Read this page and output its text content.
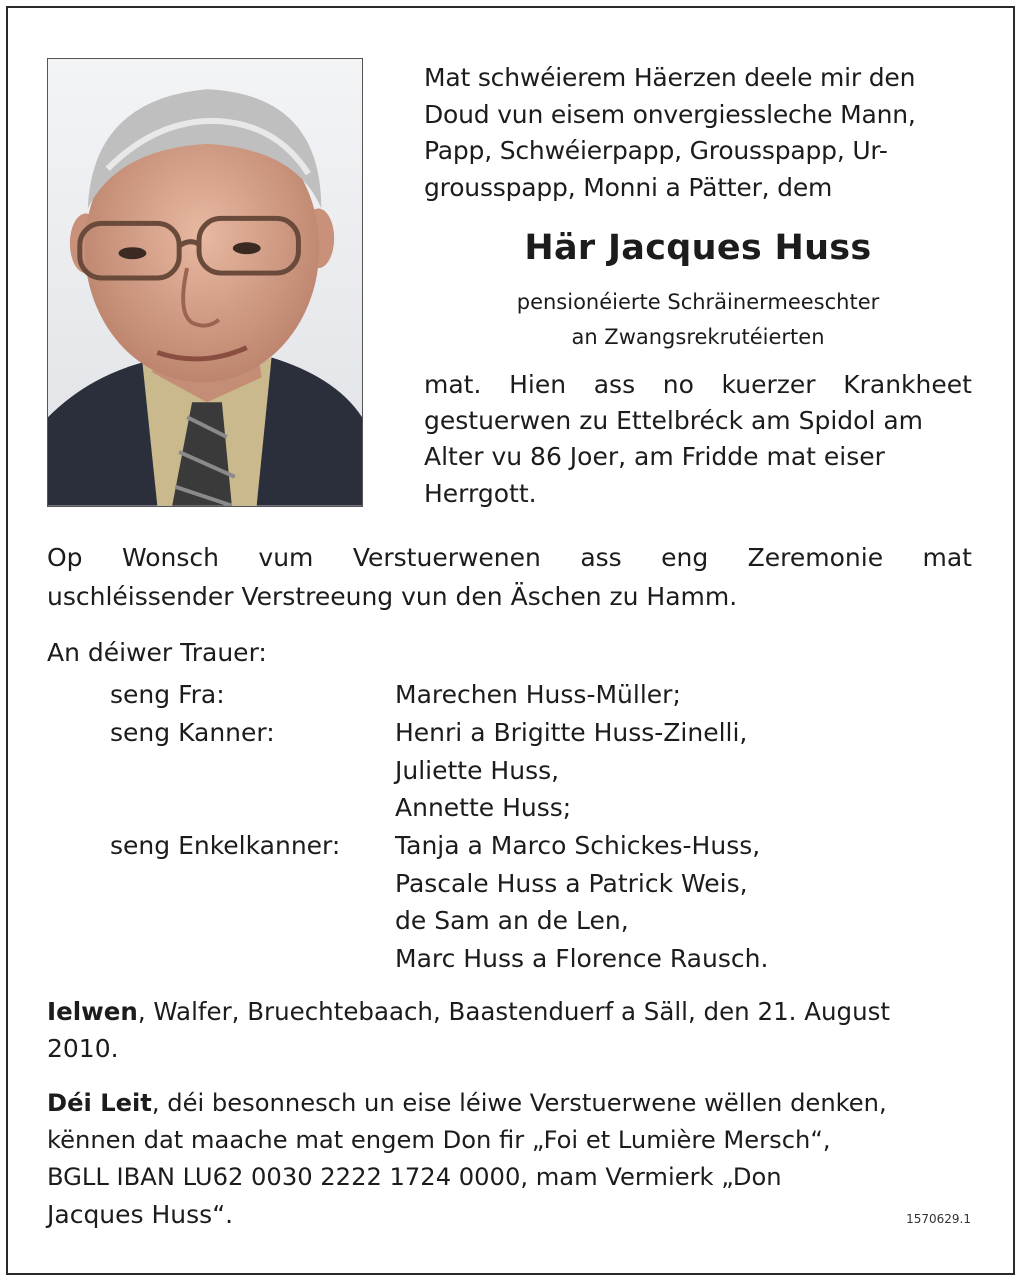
Mat schwéierem Häerzen deele mir den
Doud vun eisem onvergiessleche Mann,
Papp, Schwéierpapp, Grousspapp, Ur-
grousspapp, Monni a Pätter, dem
Här Jacques Huss
pensionéierte Schräinermeeschter
an Zwangsrekrutéierten
mat. Hien ass no kuerzer Krankheet
gestuerwen zu Ettelbréck am Spidol am
Alter vu 86 Joer, am Fridde mat eiser
Herrgott.
Op Wonsch vum Verstuerwenen ass eng Zeremonie mat
uschléissender Verstreeung vun den Äschen zu Hamm.
An déiwer Trauer:
seng Fra:	Marechen Huss-Müller;
seng Kanner:	Henri a Brigitte Huss-Zinelli,
Juliette Huss,
Annette Huss;
seng Enkelkanner: Tanja a Marco Schickes-Huss,
Pascale Huss a Patrick Weis,
de Sam an de Len,
Marc Huss a Florence Rausch.
Ielwen, Walfer, Bruechtebaach, Baastenduerf a Säll, den 21. August
2010.
Déi Leit, déi besonnesch un eise léiwe Verstuerwene wëllen denken,
kënnen dat maache mat engem Don fir „Foi et Lumière Mersch“,
BGLL IBAN LU62 0030 2222 1724 0000, mam Vermierk „Don
Jacques Huss“.	1570629.1
